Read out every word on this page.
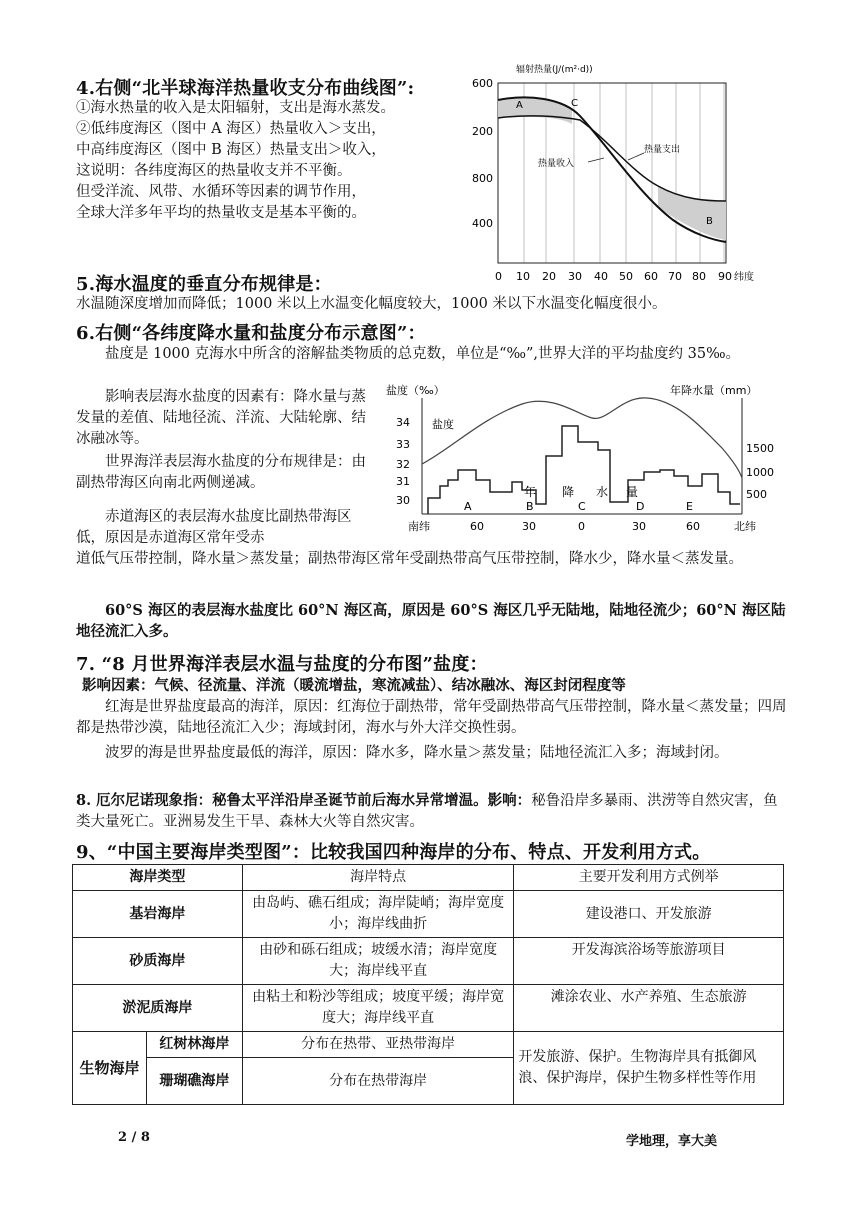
4.右侧“北半球海洋热量收支分布曲线图”:
①海水热量的收入是太阳辐射，支出是海水蒸发。
②低纬度海区（图中 A 海区）热量收入＞支出，
中高纬度海区（图中 B 海区）热量支出＞收入，
这说明：各纬度海区的热量收支并不平衡。
但受洋流、风带、水循环等因素的调节作用，
全球大洋多年平均的热量收支是基本平衡的。
辐射热量(J/(m²·d))
600
200
800
400
A
B
C
热量支出
热量收入
0 10 20 30 40 50 60 70 80 90 纬度
5.海水温度的垂直分布规律是：
水温随深度增加而降低；1000 米以上水温变化幅度较大，1000 米以下水温变化幅度很小。
6.右侧“各纬度降水量和盐度分布示意图”：
盐度是 1000 克海水中所含的溶解盐类物质的总克数，单位是“‰”,世界大洋的平均盐度约 35‰。
影响表层海水盐度的因素有：降水量与蒸发量的差值、陆地径流、洋流、大陆轮廓、结冰融冰等。
世界海洋表层海水盐度的分布规律是：由副热带海区向南北两侧递减。
赤道海区的表层海水盐度比副热带海区低，原因是赤道海区常年受赤
道低气压带控制，降水量＞蒸发量；副热带海区常年受副热带高气压带控制，降水少，降水量＜蒸发量。
60°S 海区的表层海水盐度比 60°N 海区高，原因是 60°S 海区几乎无陆地，陆地径流少；60°N 海区陆地径流汇入多。
盐度（‰）	年降水量（mm）
34
33
32
31
30
1500
1000
500
盐度
年 降 水 量
A	B	C	D	E
南纬	60	30	0	30	60	北纬
7. “8 月世界海洋表层水温与盐度的分布图”盐度：
影响因素：气候、径流量、洋流（暖流增盐，寒流减盐）、结冰融冰、海区封闭程度等
红海是世界盐度最高的海洋，原因：红海位于副热带，常年受副热带高气压带控制，降水量＜蒸发量；四周都是热带沙漠，陆地径流汇入少；海域封闭，海水与外大洋交换性弱。
波罗的海是世界盐度最低的海洋，原因：降水多，降水量＞蒸发量；陆地径流汇入多；海域封闭。
8. 厄尔尼诺现象指：秘鲁太平洋沿岸圣诞节前后海水异常增温。影响：秘鲁沿岸多暴雨、洪涝等自然灾害，鱼类大量死亡。亚洲易发生干旱、森林大火等自然灾害。
9、“中国主要海岸类型图”：比较我国四种海岸的分布、特点、开发利用方式。
海岸类型		海岸特点	主要开发利用方式例举
基岩海岸		由岛屿、礁石组成；海岸陡峭；海岸宽度小；海岸线曲折	建设港口、开发旅游
砂质海岸		由砂和砾石组成；坡缓水清；海岸宽度大；海岸线平直	开发海滨浴场等旅游项目
淤泥质海岸		由粘土和粉沙等组成；坡度平缓；海岸宽度大；海岸线平直	滩涂农业、水产养殖、生态旅游
生物海岸	红树林海岸	分布在热带、亚热带海岸	开发旅游、保护。生物海岸具有抵御风浪、保护海岸，保护生物多样性等作用
	珊瑚礁海岸	分布在热带海岸	
2 / 8	学地理，享大美
